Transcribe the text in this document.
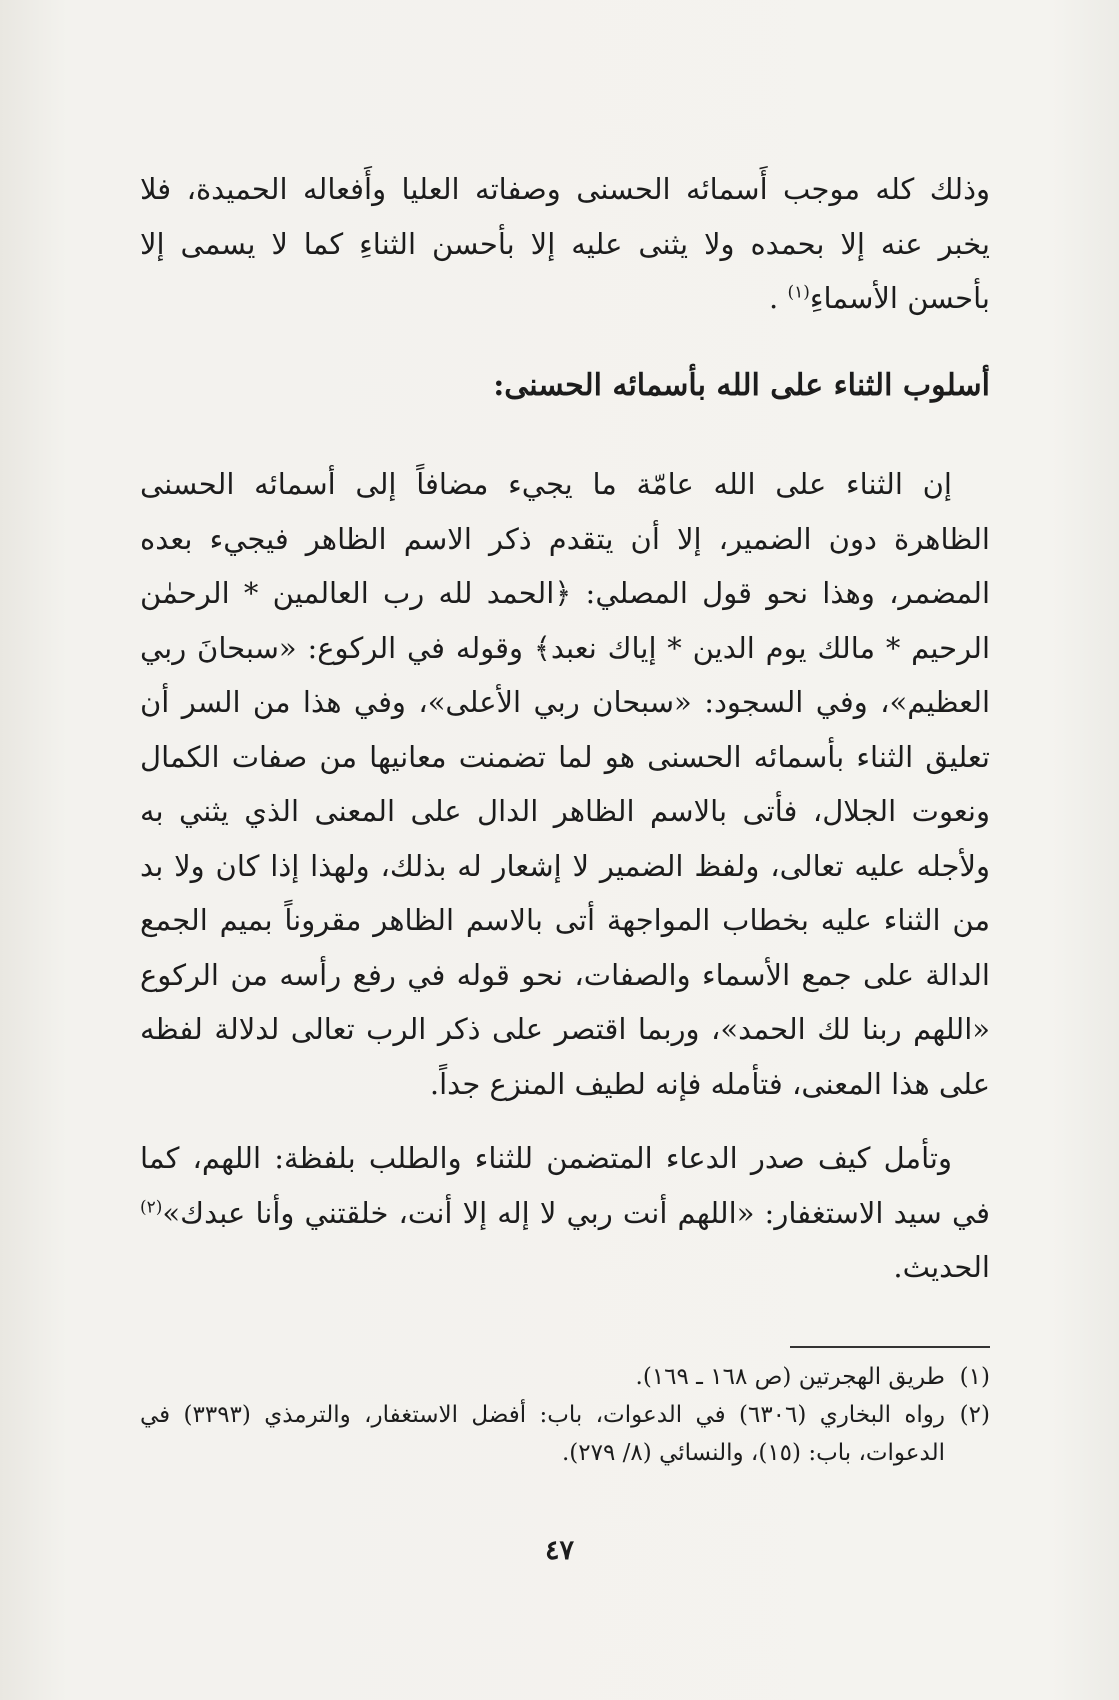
وذلك كله موجب أَسمائه الحسنى وصفاته العليا وأَفعاله الحميدة، فلا يخبر عنه إلا بحمده ولا يثنى عليه إلا بأحسن الثناءِ كما لا يسمى إلا بأحسن الأسماءِ$^{(١)}$ .

أسلوب الثناء على الله بأسمائه الحسنى:

إن الثناء على الله عامّة ما يجيء مضافاً إلى أسمائه الحسنى الظاهرة دون الضمير، إلا أن يتقدم ذكر الاسم الظاهر فيجيء بعده المضمر، وهذا نحو قول المصلي: ﴿الحمد لله رب العالمين * الرحمٰن الرحيم * مالك يوم الدين * إياك نعبد﴾ وقوله في الركوع: «سبحانَ ربي العظيم»، وفي السجود: «سبحان ربي الأعلى»، وفي هذا من السر أن تعليق الثناء بأسمائه الحسنى هو لما تضمنت معانيها من صفات الكمال ونعوت الجلال، فأتى بالاسم الظاهر الدال على المعنى الذي يثني به ولأجله عليه تعالى، ولفظ الضمير لا إشعار له بذلك، ولهذا إذا كان ولا بد من الثناء عليه بخطاب المواجهة أتى بالاسم الظاهر مقروناً بميم الجمع الدالة على جمع الأسماء والصفات، نحو قوله في رفع رأسه من الركوع «اللهم ربنا لك الحمد»، وربما اقتصر على ذكر الرب تعالى لدلالة لفظه على هذا المعنى، فتأمله فإنه لطيف المنزع جداً.

وتأمل كيف صدر الدعاء المتضمن للثناء والطلب بلفظة: اللهم، كما في سيد الاستغفار: «اللهم أنت ربي لا إله إلا أنت، خلقتني وأنا عبدك»$^{(٢)}$ الحديث.

(١)
طريق الهجرتين (ص ١٦٨ ـ ١٦٩).
(٢)
رواه البخاري (٦٣٠٦) في الدعوات، باب: أفضل الاستغفار، والترمذي (٣٣٩٣) في الدعوات، باب: (١٥)، والنسائي (٨/ ٢٧٩).
٤٧
